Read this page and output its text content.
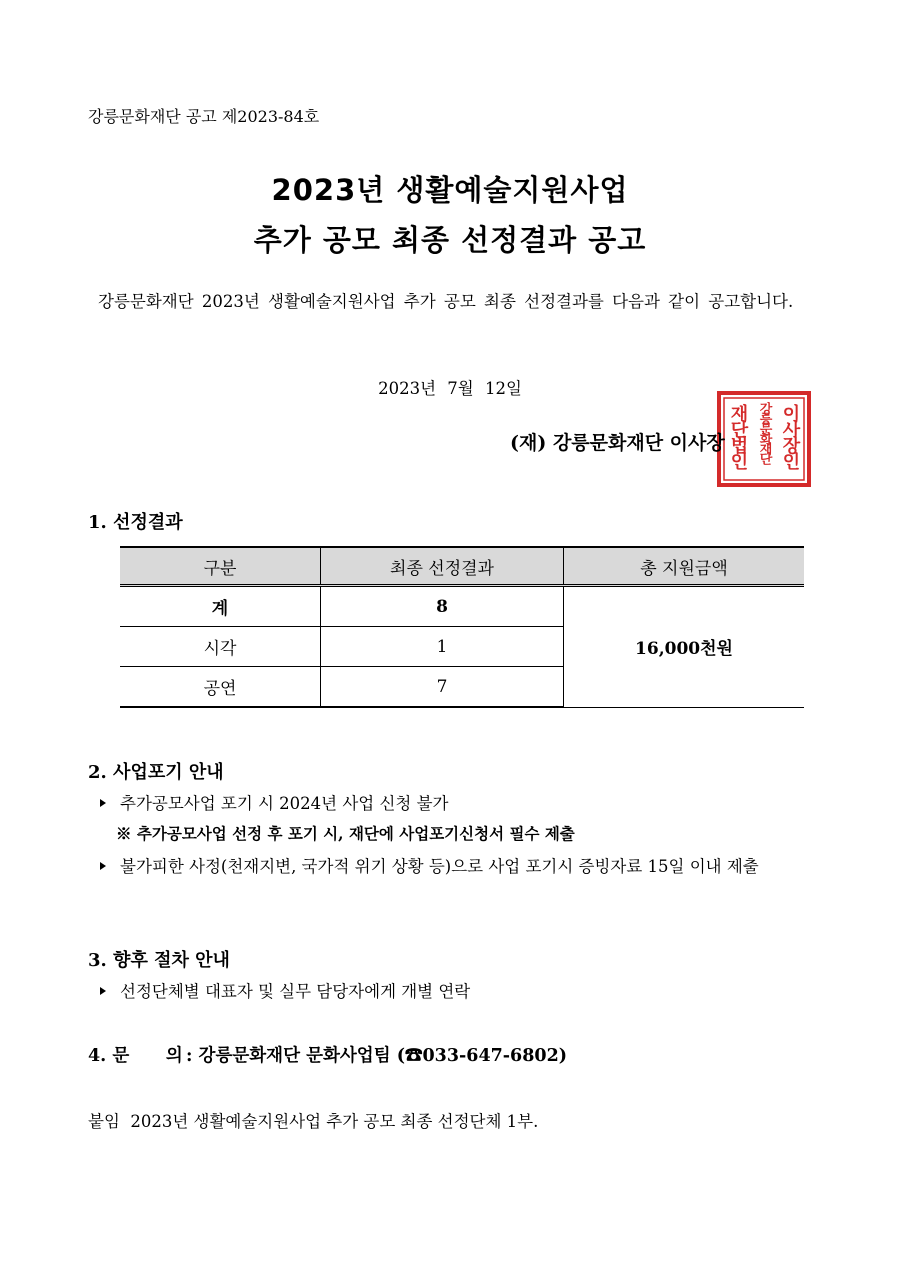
강릉문화재단 공고 제2023-84호
2023년 생활예술지원사업
추가 공모 최종 선정결과 공고
강릉문화재단 2023년 생활예술지원사업 추가 공모 최종 선정결과를 다음과 같이 공고합니다.
2023년 7월 12일
재단법인 강릉문화재단 이사장인
(재) 강릉문화재단 이사장
1. 선정결과
구분	최종 선정결과	총 지원금액
계	8	16,000천원
시각	1	
공연	7	
2. 사업포기 안내
추가공모사업 포기 시 2024년 사업 신청 불가
※ 추가공모사업 선정 후 포기 시, 재단에 사업포기신청서 필수 제출
불가피한 사정(천재지변, 국가적 위기 상황 등)으로 사업 포기시 증빙자료 15일 이내 제출
3. 향후 절차 안내
선정단체별 대표자 및 실무 담당자에게 개별 연락
4. 문      의 : 강릉문화재단 문화사업팀 (☎033-647-6802)
붙임  2023년 생활예술지원사업 추가 공모 최종 선정단체 1부.
